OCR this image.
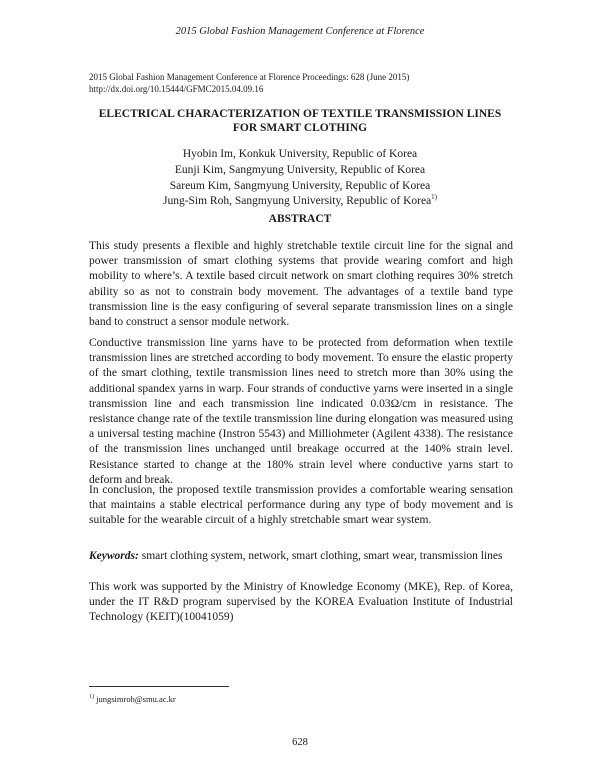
2015 Global Fashion Management Conference at Florence
2015 Global Fashion Management Conference at Florence Proceedings: 628 (June 2015)
http://dx.doi.org/10.15444/GFMC2015.04.09.16
ELECTRICAL CHARACTERIZATION OF TEXTILE TRANSMISSION LINES
FOR SMART CLOTHING
Hyobin Im, Konkuk University, Republic of Korea
Eunji Kim, Sangmyung University, Republic of Korea
Sareum Kim, Sangmyung University, Republic of Korea
Jung-Sim Roh, Sangmyung University, Republic of Korea$^{1)}$
ABSTRACT

This study presents a flexible and highly stretchable textile circuit line for the signal and power transmission of smart clothing systems that provide wearing comfort and high mobility to where’s. A textile based circuit network on smart clothing requires 30% stretch ability so as not to constrain body movement. The advantages of a textile band type transmission line is the easy configuring of several separate transmission lines on a single band to construct a sensor module network.

Conductive transmission line yarns have to be protected from deformation when textile transmission lines are stretched according to body movement. To ensure the elastic property of the smart clothing, textile transmission lines need to stretch more than 30% using the additional spandex yarns in warp. Four strands of conductive yarns were inserted in a single transmission line and each transmission line indicated 0.03Ω/cm in resistance. The resistance change rate of the textile transmission line during elongation was measured using a universal testing machine (Instron 5543) and Milliohmeter (Agilent 4338). The resistance of the transmission lines unchanged until breakage occurred at the 140% strain level. Resistance started to change at the 180% strain level where conductive yarns start to deform and break.

In conclusion, the proposed textile transmission provides a comfortable wearing sensation that maintains a stable electrical performance during any type of body movement and is suitable for the wearable circuit of a highly stretchable smart wear system.

Keywords: smart clothing system, network, smart clothing, smart wear, transmission lines

This work was supported by the Ministry of Knowledge Economy (MKE), Rep. of Korea, under the IT R&D program supervised by the KOREA Evaluation Institute of Industrial Technology (KEIT)(10041059)

$^{1)}$ jungsimroh@smu.ac.kr
628
